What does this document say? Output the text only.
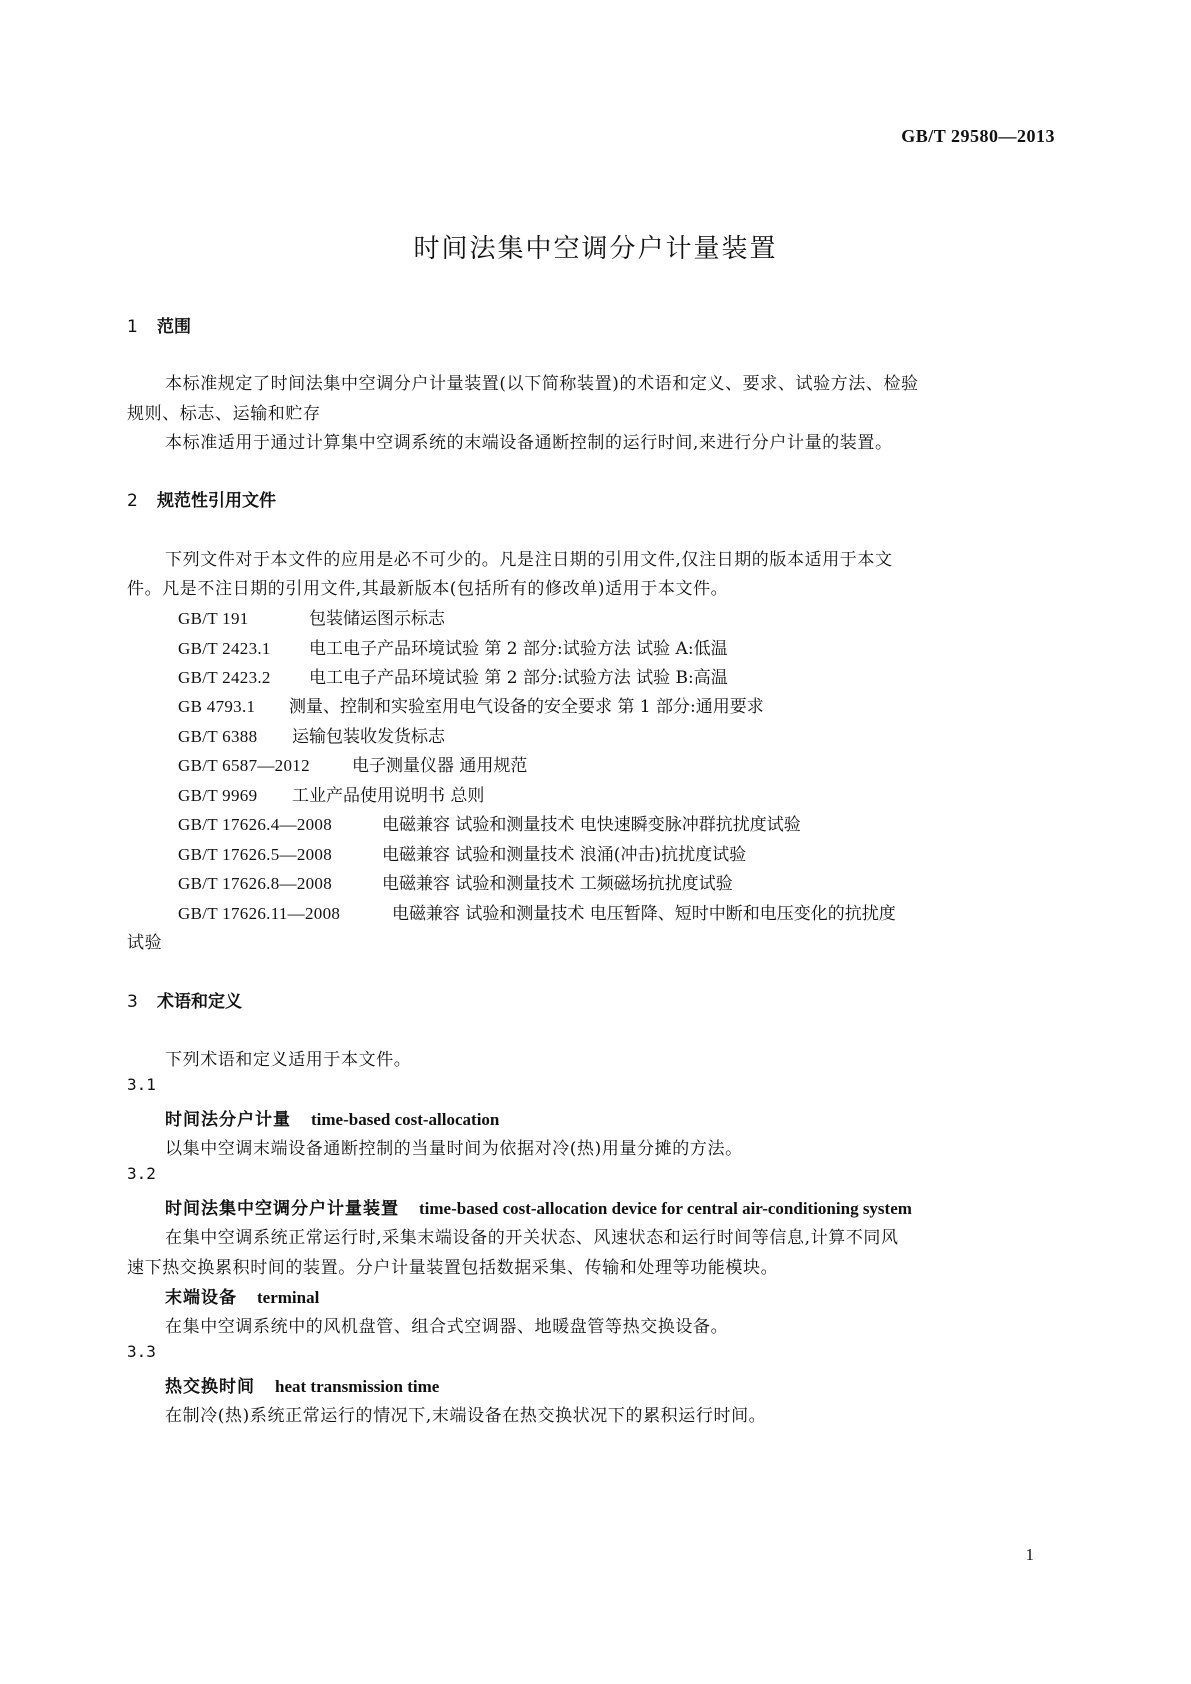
GB/T 29580—2013
时间法集中空调分户计量装置
1 范围
本标准规定了时间法集中空调分户计量装置(以下简称装置)的术语和定义、要求、试验方法、检验
规则、标志、运输和贮存
本标准适用于通过计算集中空调系统的末端设备通断控制的运行时间,来进行分户计量的装置。
2 规范性引用文件
下列文件对于本文件的应用是必不可少的。凡是注日期的引用文件,仅注日期的版本适用于本文
件。凡是不注日期的引用文件,其最新版本(包括所有的修改单)适用于本文件。
GB/T 191	包装储运图示标志
GB/T 2423.1 电工电子产品环境试验 第 2 部分:试验方法 试验 A:低温
GB/T 2423.2 电工电子产品环境试验 第 2 部分:试验方法 试验 B:高温
GB 4793.1 测量、控制和实验室用电气设备的安全要求 第 1 部分:通用要求
GB/T 6388 运输包装收发货标志
GB/T 6587—2012 电子测量仪器 通用规范
GB/T 9969 工业产品使用说明书 总则
GB/T 17626.4—2008	电磁兼容 试验和测量技术 电快速瞬变脉冲群抗扰度试验
GB/T 17626.5—2008	电磁兼容 试验和测量技术 浪涌(冲击)抗扰度试验
GB/T 17626.8—2008	电磁兼容 试验和测量技术 工频磁场抗扰度试验
GB/T 17626.11—2008	电磁兼容 试验和测量技术 电压暂降、短时中断和电压变化的抗扰度
试验
3 术语和定义
下列术语和定义适用于本文件。
3.1
时间法分户计量 time-based cost-allocation
以集中空调末端设备通断控制的当量时间为依据对冷(热)用量分摊的方法。
3.2
时间法集中空调分户计量装置 time-based cost-allocation device for central air-conditioning system
在集中空调系统正常运行时,采集末端设备的开关状态、风速状态和运行时间等信息,计算不同风
速下热交换累积时间的装置。分户计量装置包括数据采集、传输和处理等功能模块。
末端设备 terminal
在集中空调系统中的风机盘管、组合式空调器、地暖盘管等热交换设备。
3.3
热交换时间 heat transmission time
在制冷(热)系统正常运行的情况下,末端设备在热交换状况下的累积运行时间。
1
